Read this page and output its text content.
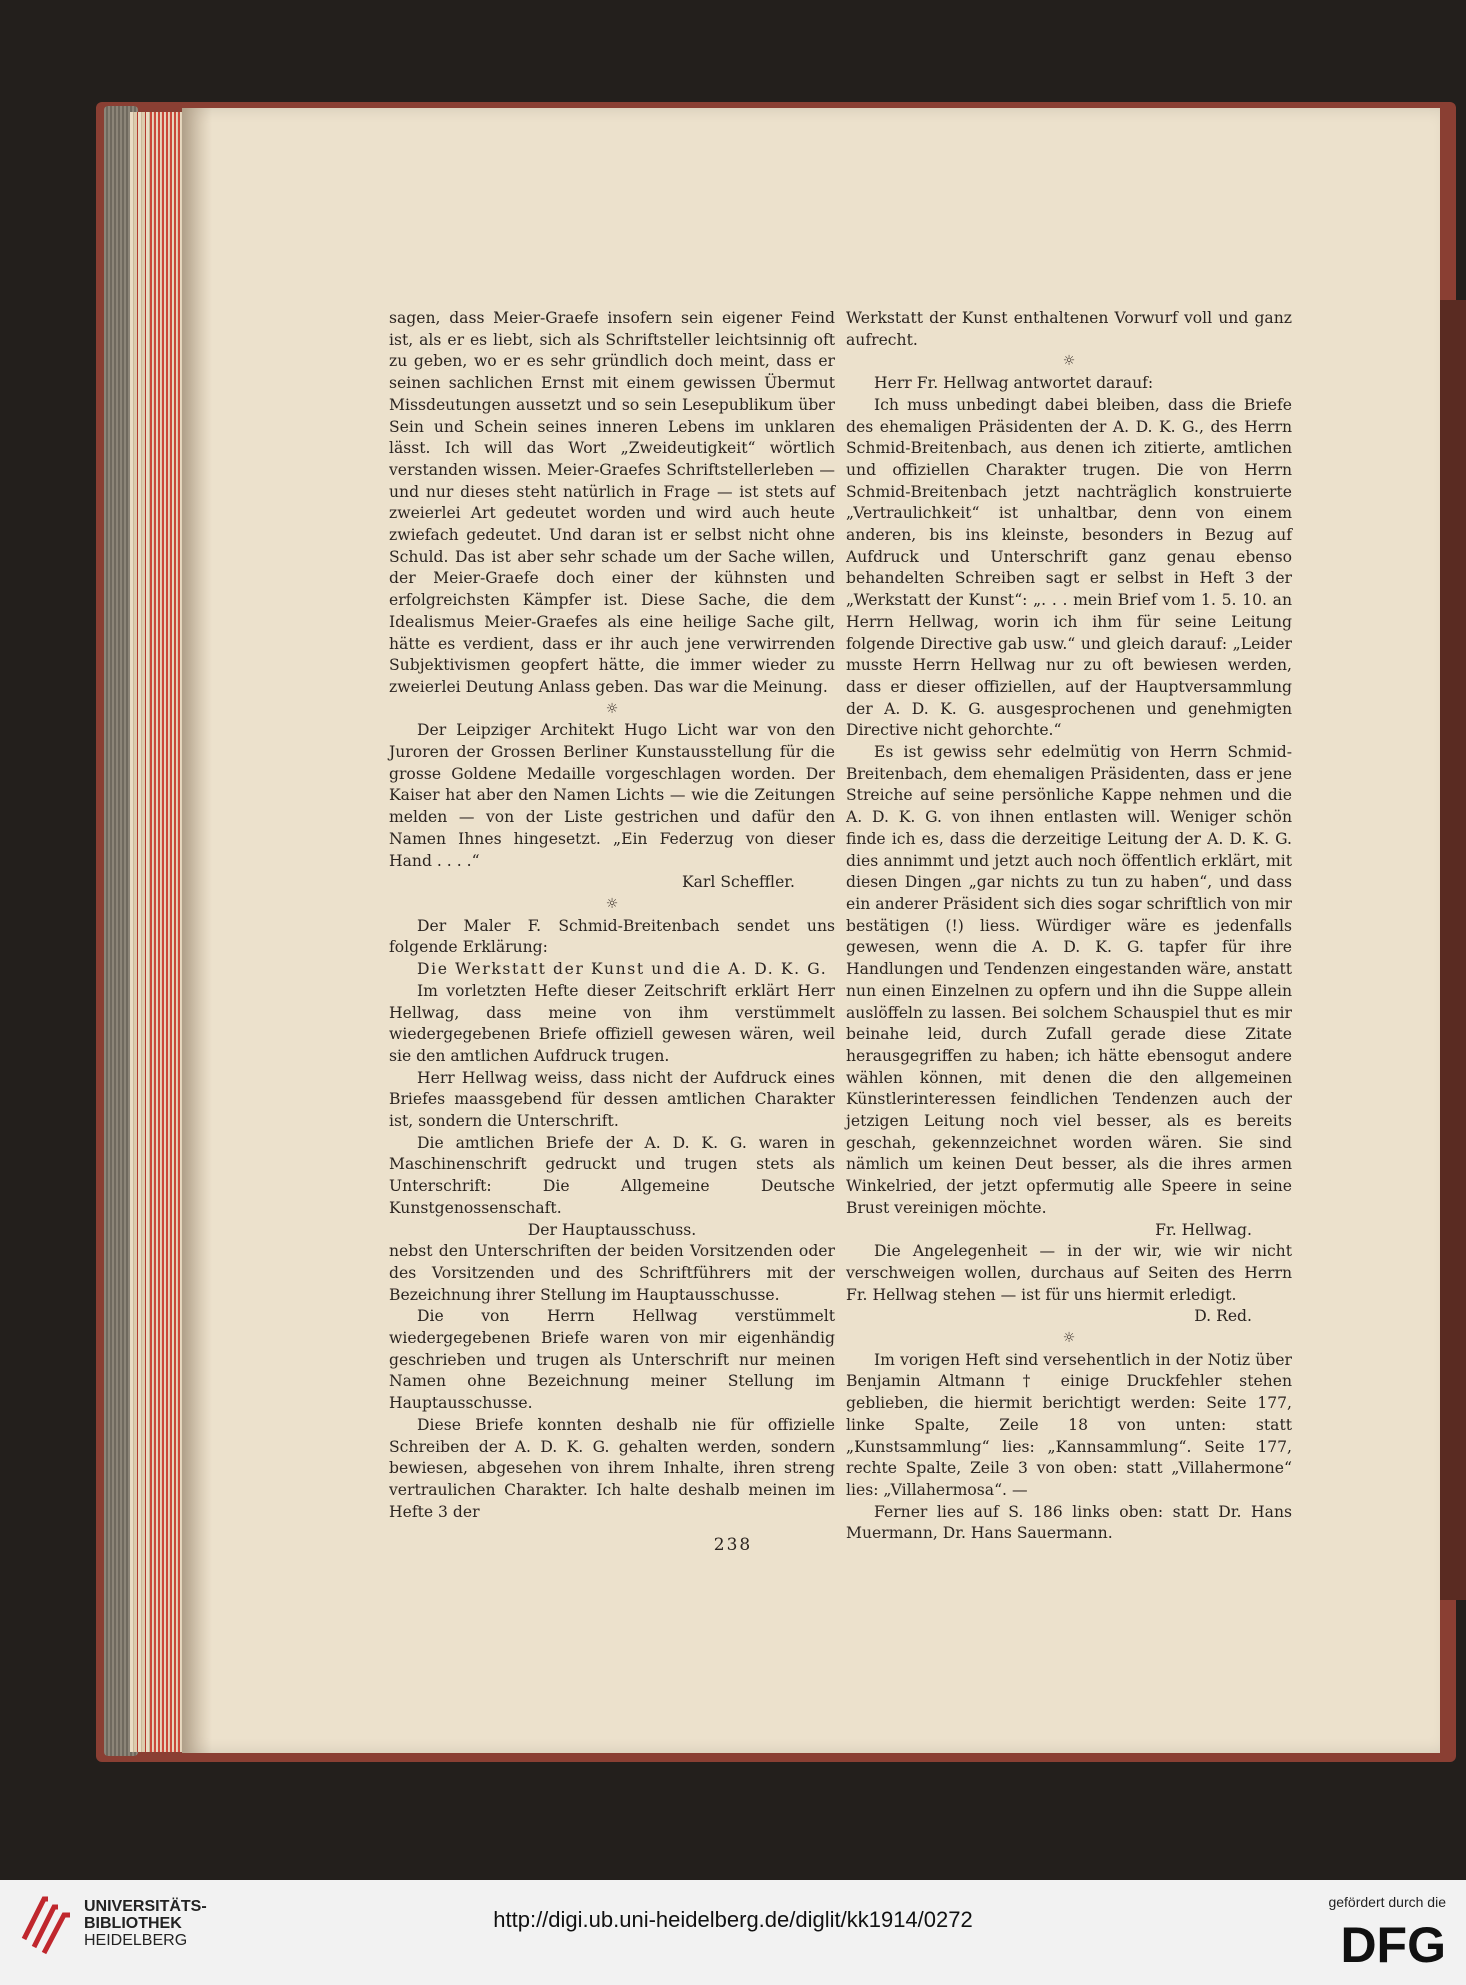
sagen, dass Meier-Graefe insofern sein eigener Feind ist, als er es liebt, sich als Schriftsteller leichtsinnig oft zu geben, wo er es sehr gründlich doch meint, dass er seinen sachlichen Ernst mit einem gewissen Übermut Missdeutungen aussetzt und so sein Lesepublikum über Sein und Schein seines inneren Lebens im unklaren lässt. Ich will das Wort „Zweideutigkeit“ wörtlich verstanden wissen. Meier-Graefes Schriftstellerleben — und nur dieses steht natürlich in Frage — ist stets auf zweierlei Art gedeutet worden und wird auch heute zwiefach gedeutet. Und daran ist er selbst nicht ohne Schuld. Das ist aber sehr schade um der Sache willen, der Meier-Graefe doch einer der kühnsten und erfolgreichsten Kämpfer ist. Diese Sache, die dem Idealismus Meier-Graefes als eine heilige Sache gilt, hätte es verdient, dass er ihr auch jene verwirrenden Subjektivismen geopfert hätte, die immer wieder zu zweierlei Deutung Anlass geben. Das war die Meinung.

☼

Der Leipziger Architekt Hugo Licht war von den Juroren der Grossen Berliner Kunstausstellung für die grosse Goldene Medaille vorgeschlagen worden. Der Kaiser hat aber den Namen Lichts — wie die Zeitungen melden — von der Liste gestrichen und dafür den Namen Ihnes hingesetzt. „Ein Federzug von dieser Hand . . . .“

Karl Scheffler.

☼

Der Maler F. Schmid-Breitenbach sendet uns folgende Erklärung:

Die Werkstatt der Kunst und die A. D. K. G.

Im vorletzten Hefte dieser Zeitschrift erklärt Herr Hellwag, dass meine von ihm verstümmelt wiedergegebenen Briefe offiziell gewesen wären, weil sie den amtlichen Aufdruck trugen.

Herr Hellwag weiss, dass nicht der Aufdruck eines Briefes maassgebend für dessen amtlichen Charakter ist, sondern die Unterschrift.

Die amtlichen Briefe der A. D. K. G. waren in Maschinenschrift gedruckt und trugen stets als Unterschrift: Die Allgemeine Deutsche Kunstgenossenschaft.

Der Hauptausschuss.

nebst den Unterschriften der beiden Vorsitzenden oder des Vorsitzenden und des Schriftführers mit der Bezeichnung ihrer Stellung im Hauptausschusse.

Die von Herrn Hellwag verstümmelt wiedergegebenen Briefe waren von mir eigenhändig geschrieben und trugen als Unterschrift nur meinen Namen ohne Bezeichnung meiner Stellung im Hauptausschusse.

Diese Briefe konnten deshalb nie für offizielle Schreiben der A. D. K. G. gehalten werden, sondern bewiesen, abgesehen von ihrem Inhalte, ihren streng vertraulichen Charakter. Ich halte deshalb meinen im Hefte 3 der

Werkstatt der Kunst enthaltenen Vorwurf voll und ganz aufrecht.

☼

Herr Fr. Hellwag antwortet darauf:

Ich muss unbedingt dabei bleiben, dass die Briefe des ehemaligen Präsidenten der A. D. K. G., des Herrn Schmid-Breitenbach, aus denen ich zitierte, amtlichen und offiziellen Charakter trugen. Die von Herrn Schmid-Breitenbach jetzt nachträglich konstruierte „Vertraulichkeit“ ist unhaltbar, denn von einem anderen, bis ins kleinste, besonders in Bezug auf Aufdruck und Unterschrift ganz genau ebenso behandelten Schreiben sagt er selbst in Heft 3 der „Werkstatt der Kunst“: „. . . mein Brief vom 1. 5. 10. an Herrn Hellwag, worin ich ihm für seine Leitung folgende Directive gab usw.“ und gleich darauf: „Leider musste Herrn Hellwag nur zu oft bewiesen werden, dass er dieser offiziellen, auf der Hauptversammlung der A. D. K. G. ausgesprochenen und genehmigten Directive nicht gehorchte.“

Es ist gewiss sehr edelmütig von Herrn Schmid-Breitenbach, dem ehemaligen Präsidenten, dass er jene Streiche auf seine persönliche Kappe nehmen und die A. D. K. G. von ihnen entlasten will. Weniger schön finde ich es, dass die derzeitige Leitung der A. D. K. G. dies annimmt und jetzt auch noch öffentlich erklärt, mit diesen Dingen „gar nichts zu tun zu haben“, und dass ein anderer Präsident sich dies sogar schriftlich von mir bestätigen (!) liess. Würdiger wäre es jedenfalls gewesen, wenn die A. D. K. G. tapfer für ihre Handlungen und Tendenzen eingestanden wäre, anstatt nun einen Einzelnen zu opfern und ihn die Suppe allein auslöffeln zu lassen. Bei solchem Schauspiel thut es mir beinahe leid, durch Zufall gerade diese Zitate herausgegriffen zu haben; ich hätte ebensogut andere wählen können, mit denen die den allgemeinen Künstlerinteressen feindlichen Tendenzen auch der jetzigen Leitung noch viel besser, als es bereits geschah, gekennzeichnet worden wären. Sie sind nämlich um keinen Deut besser, als die ihres armen Winkelried, der jetzt opfermutig alle Speere in seine Brust vereinigen möchte.

Fr. Hellwag.

Die Angelegenheit — in der wir, wie wir nicht verschweigen wollen, durchaus auf Seiten des Herrn Fr. Hellwag stehen — ist für uns hiermit erledigt.

D. Red.

☼

Im vorigen Heft sind versehentlich in der Notiz über Benjamin Altmann † einige Druckfehler stehen geblieben, die hiermit berichtigt werden: Seite 177, linke Spalte, Zeile 18 von unten: statt „Kunstsammlung“ lies: „Kannsammlung“. Seite 177, rechte Spalte, Zeile 3 von oben: statt „Villahermone“ lies: „Villahermosa“. —

Ferner lies auf S. 186 links oben: statt Dr. Hans Muermann, Dr. Hans Sauermann.

238
UNIVERSITÄTS-
BIBLIOTHEK
HEIDELBERG
http://digi.ub.uni-heidelberg.de/diglit/kk1914/0272
gefördert durch die
DFG
